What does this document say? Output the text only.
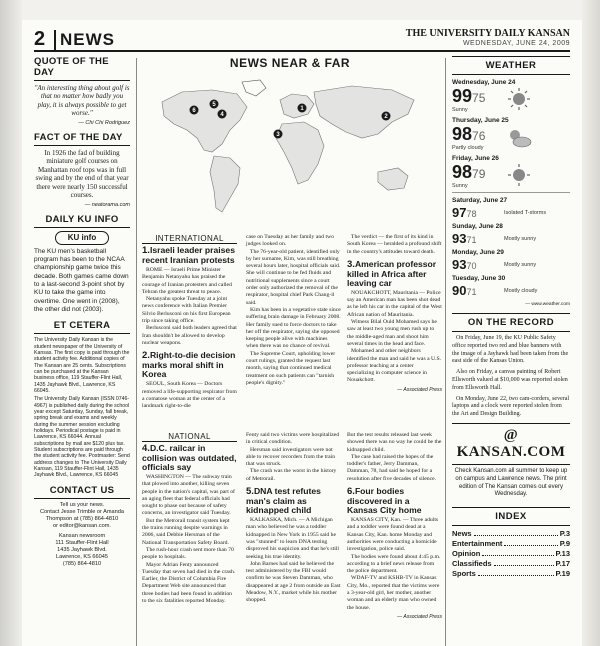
2 NEWS	THE UNIVERSITY DAILY KANSAN
WEDNESDAY, JUNE 24, 2009
QUOTE OF THE DAY
"An interesting thing about golf is that no matter how badly you play, it is always possible to get worse."
— Chi Chi Rodriguez
FACT OF THE DAY
In 1926 the fad of building miniature golf courses on Manhattan roof tops was in full swing and by the end of that year there were nearly 150 successful courses.
— neatorama.com
DAILY KU INFO
KU info
The KU men's basketball program has been to the NCAA championship game twice this decade. Both games came down to a last-second 3-point shot by KU to take the game into overtime. One went in (2008), the other did not (2003).
ET CETERA
The University Daily Kansan is the student newspaper of the University of Kansas. The first copy is paid through the student activity fee. Additional copies of The Kansan are 25 cents. Subscriptions can be purchased at the Kansan business office, 119 Stauffer-Flint Hall, 1435 Jayhawk Blvd., Lawrence, KS 66045.
The University Daily Kansan (ISSN 0746-4967) is published daily during the school year except Saturday, Sunday, fall break, spring break and exams and weekly during the summer session excluding holidays. Periodical postage is paid in Lawrence, KS 66044. Annual subscriptions by mail are $120 plus tax. Student subscriptions are paid through the student activity fee. Postmaster: Send address changes to The University Daily Kansan, 119 Stauffer-Flint Hall, 1435 Jayhawk Blvd., Lawrence, KS 66045
CONTACT US
Tell us your news.
Contact Jesse Trimble or Amanda Thompson at (785) 864-4810
or editor@kansan.com.
Kansan newsroom
111 Stauffer-Flint Hall
1435 Jayhawk Blvd.
Lawrence, KS 66045
(785) 864-4810
NEWS NEAR & FAR
6
4
5
1
3
2
INTERNATIONAL
1.Israeli leader praises recent Iranian protests

ROME — Israeli Prime Minister Benjamin Netanyahu has praised the courage of Iranian protesters and called Tehran the greatest threat to peace.

Netanyahu spoke Tuesday at a joint news conference with Italian Premier Silvio Berlusconi on his first European trip since taking office.

Berlusconi said both leaders agreed that Iran shouldn't be allowed to develop nuclear weapons.

2.Right-to-die decision marks moral shift in Korea

SEOUL, South Korea — Doctors removed a life-supporting respirator from a comatose woman at the center of a landmark right-to-die

case on Tuesday as her family and two judges looked on.

The 76-year-old patient, identified only by her surname, Kim, was still breathing several hours later, hospital officials said. She will continue to be fed fluids and nutritional supplements since a court order only authorized the removal of the respirator, hospital chief Park Chang-il said.

Kim has been in a vegetative state since suffering brain damage in February 2008. Her family sued to force doctors to take her off the respirator, saying she opposed keeping people alive with machines when there was no chance of revival.

The Supreme Court, upholding lower court rulings, granted the request last month, saying that continued medical treatment on such patients can "tarnish people's dignity."

The verdict — the first of its kind in South Korea — heralded a profound shift in the country's attitudes toward death.

3.American professor killed in Africa after leaving car

NOUAKCHOTT, Mauritania — Police say an American man has been shot dead as he left his car in the capital of the West African nation of Mauritania.

Witness Bilal Ould Mohamed says he saw at least two young men rush up to the middle-aged man and shoot him several times in the head and face.

Mohamed and other neighbors identified the man and said he was a U.S. professor teaching at a center specializing in computer science in Nouakchott.

— Associated Press
NATIONAL
4.D.C. railcar in collision was outdated, officials say

WASHINGTON — The subway train that plowed into another, killing seven people in the nation's capital, was part of an aging fleet that federal officials had sought to phase out because of safety concerns, an investigator said Tuesday.

But the Metrorail transit system kept the trains running despite warnings in 2006, said Debbie Hersman of the National Transportation Safety Board.

The rush-hour crash sent more than 70 people to hospitals.

Mayor Adrian Fenty announced Tuesday that seven had died in the crash. Earlier, the District of Columbia Fire Department Web site announced that three bodies had been found in addition to the six fatalities reported Monday.

Fenty said two victims were hospitalized in critical condition.

Hersman said investigators were not able to recover recorders from the train that was struck.

The crash was the worst in the history of Metrorail.

5.DNA test refutes man's claim as kidnapped child

KALKASKA, Mich. — A Michigan man who believed he was a toddler kidnapped in New York in 1955 said he was "stunned" to learn DNA testing disproved his suspicion and that he's still seeking his true identity.

John Barnes had said he believed the test administered by the FBI would confirm he was Steven Damman, who disappeared at age 2 from outside an East Meadow, N.Y., market while his mother shopped.

But the test results released last week showed there was no way he could be the kidnapped child.

The case had raised the hopes of the toddler's father, Jerry Damman, Damman, 78, had said he hoped for a resolution after five decades of silence.

6.Four bodies discovered in a Kansas City home

KANSAS CITY, Kan. — Three adults and a toddler were found dead at a Kansas City, Kan. home Monday and authorities were conducting a homicide investigation, police said.

The bodies were found about 4:45 p.m. according to a brief news release from the police department.

WDAF-TV and KSHB-TV in Kansas City, Mo., reported that the victims were a 3-year-old girl, her mother, another woman and an elderly man who owned the house.

— Associated Press
WEATHER
Wednesday, June 24
9975
Sunny
Thursday, June 25
9876
Partly cloudy
Friday, June 26
9879
Sunny
Saturday, June 27
9778	Isolated T-storms
Sunday, June 28
9371	Mostly sunny
Monday, June 29
9370	Mostly sunny
Tuesday, June 30
9071	Mostly cloudy
— www.weather.com
ON THE RECORD

On Friday, June 19, the KU Public Safety office reported two red and blue banners with the image of a Jayhawk had been taken from the east side of the Kansas Union.

Also on Friday, a canvas painting of Robert Ellsworth valued at $10,000 was reported stolen from Ellsworth Hall.

On Monday, June 22, two cam-corders, several laptops and a clock were reported stolen from the Art and Design Building.

@ KANSAN.COM
Check Kansan.com all summer to keep up on campus and Lawrence news. The print edition of The Kansan comes out every Wednesday.
INDEX
News	P.3
Entertainment	P.9
Opinion	P.13
Classifieds	P.17
Sports	P.19
